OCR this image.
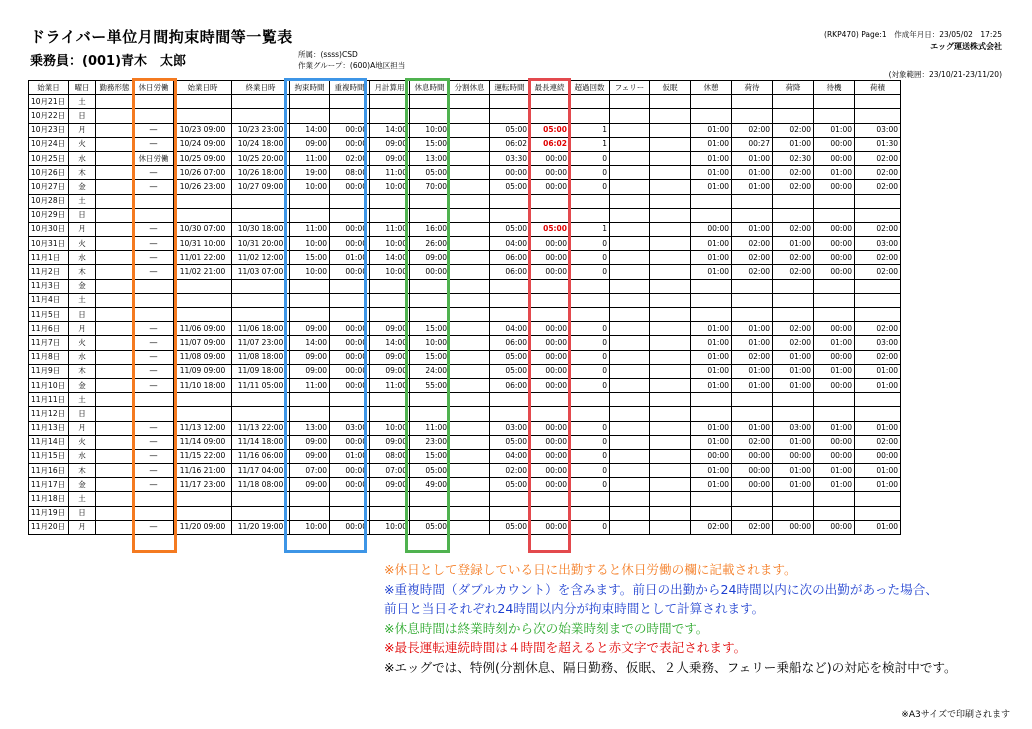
ドライバー単位月間拘束時間等一覧表
乗務員：(001)青木　太郎	所属：(ssss)CSD
作業グループ：(600)A地区担当
(RKP470) Page:1　作成年月日：23/05/02　17:25
エッグ運送株式会社
(対象範囲：23/10/21-23/11/20)
始業日	曜日	勤務形態	休日労働	始業日時	終業日時	拘束時間	重複時間	月計算用	休息時間	分割休息	運転時間	最長連続	超過回数	フェリー	仮眠	休憩	荷待	荷降	待機	荷積
10月21日	土																			
10月22日	日																			
10月23日	月		―	10/23 09:00	10/23 23:00	14:00	00:00	14:00	10:00		05:00	05:00	1			01:00	02:00	02:00	01:00	03:00
10月24日	火		―	10/24 09:00	10/24 18:00	09:00	00:00	09:00	15:00		06:02	06:02	1			01:00	00:27	01:00	00:00	01:30
10月25日	水		休日労働	10/25 09:00	10/25 20:00	11:00	02:00	09:00	13:00		03:30	00:00	0			01:00	01:00	02:30	00:00	02:00
10月26日	木		―	10/26 07:00	10/26 18:00	19:00	08:00	11:00	05:00		00:00	00:00	0			01:00	01:00	02:00	01:00	02:00
10月27日	金		―	10/26 23:00	10/27 09:00	10:00	00:00	10:00	70:00		05:00	00:00	0			01:00	01:00	02:00	00:00	02:00
10月28日	土																			
10月29日	日																			
10月30日	月		―	10/30 07:00	10/30 18:00	11:00	00:00	11:00	16:00		05:00	05:00	1			00:00	01:00	02:00	00:00	02:00
10月31日	火		―	10/31 10:00	10/31 20:00	10:00	00:00	10:00	26:00		04:00	00:00	0			01:00	02:00	01:00	00:00	03:00
11月1日	水		―	11/01 22:00	11/02 12:00	15:00	01:00	14:00	09:00		06:00	00:00	0			01:00	02:00	02:00	00:00	02:00
11月2日	木		―	11/02 21:00	11/03 07:00	10:00	00:00	10:00	00:00		06:00	00:00	0			01:00	02:00	02:00	00:00	02:00
11月3日	金																			
11月4日	土																			
11月5日	日																			
11月6日	月		―	11/06 09:00	11/06 18:00	09:00	00:00	09:00	15:00		04:00	00:00	0			01:00	01:00	02:00	00:00	02:00
11月7日	火		―	11/07 09:00	11/07 23:00	14:00	00:00	14:00	10:00		06:00	00:00	0			01:00	01:00	02:00	01:00	03:00
11月8日	水		―	11/08 09:00	11/08 18:00	09:00	00:00	09:00	15:00		05:00	00:00	0			01:00	02:00	01:00	00:00	02:00
11月9日	木		―	11/09 09:00	11/09 18:00	09:00	00:00	09:00	24:00		05:00	00:00	0			01:00	01:00	01:00	01:00	01:00
11月10日	金		―	11/10 18:00	11/11 05:00	11:00	00:00	11:00	55:00		06:00	00:00	0			01:00	01:00	01:00	00:00	01:00
11月11日	土																			
11月12日	日																			
11月13日	月		―	11/13 12:00	11/13 22:00	13:00	03:00	10:00	11:00		03:00	00:00	0			01:00	01:00	03:00	01:00	01:00
11月14日	火		―	11/14 09:00	11/14 18:00	09:00	00:00	09:00	23:00		05:00	00:00	0			01:00	02:00	01:00	00:00	02:00
11月15日	水		―	11/15 22:00	11/16 06:00	09:00	01:00	08:00	15:00		04:00	00:00	0			00:00	00:00	00:00	00:00	00:00
11月16日	木		―	11/16 21:00	11/17 04:00	07:00	00:00	07:00	05:00		02:00	00:00	0			01:00	00:00	01:00	01:00	01:00
11月17日	金		―	11/17 23:00	11/18 08:00	09:00	00:00	09:00	49:00		05:00	00:00	0			01:00	00:00	01:00	01:00	01:00
11月18日	土																			
11月19日	日																			
11月20日	月		―	11/20 09:00	11/20 19:00	10:00	00:00	10:00	05:00		05:00	00:00	0			02:00	02:00	00:00	00:00	01:00
※休日として登録している日に出勤すると休日労働の欄に記載されます。
※重複時間（ダブルカウント）を含みます。前日の出勤から24時間以内に次の出勤があった場合、
前日と当日それぞれ24時間以内分が拘束時間として計算されます。
※休息時間は終業時刻から次の始業時刻までの時間です。
※最長運転連続時間は４時間を超えると赤文字で表記されます。
※エッグでは、特例(分割休息、隔日勤務、仮眠、２人乗務、フェリー乗船など)の対応を検討中です。
※A3サイズで印刷されます
